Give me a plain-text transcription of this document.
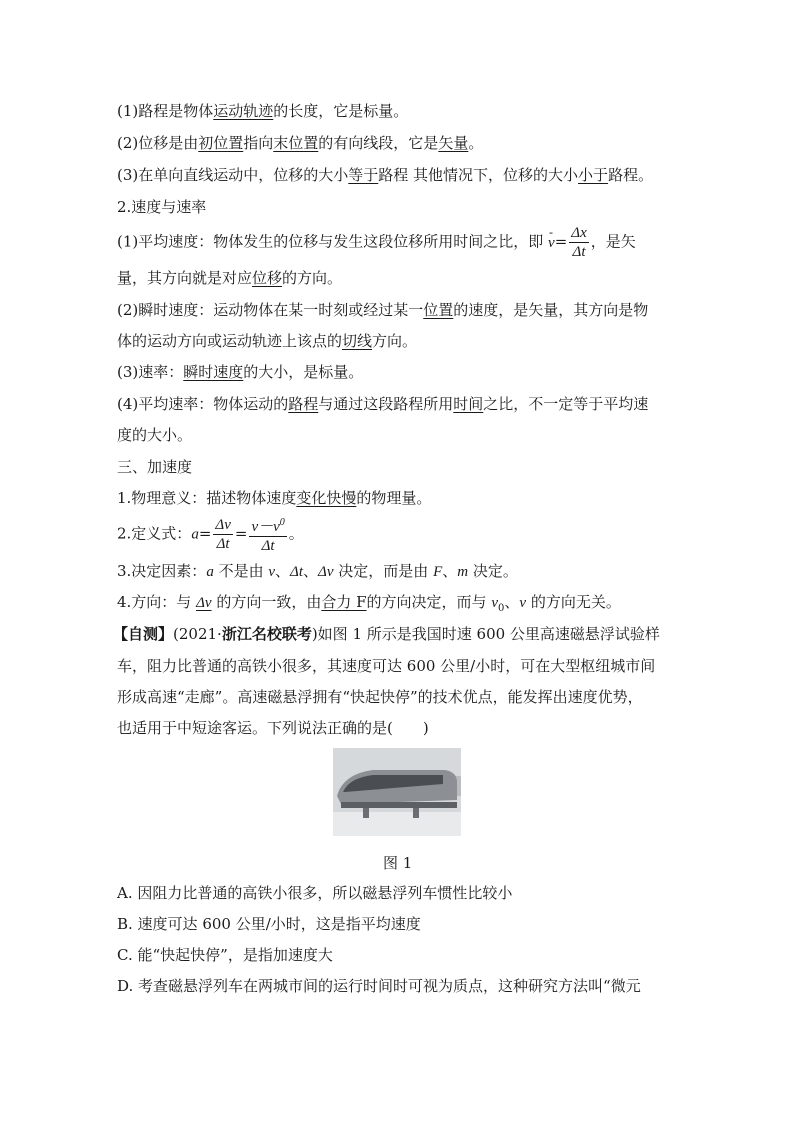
(1)路程是物体运动轨迹的长度，它是标量。
(2)位移是由初位置指向末位置的有向线段，它是矢量。
(3)在单向直线运动中，位移的大小等于路程 其他情况下，位移的大小小于路程。
2.速度与速率
(1)平均速度：物体发生的位移与发生这段位移所用时间之比，即 - $v= \frac{\Delta x}{\Delta t}$ ，是矢
量，其方向就是对应位移的方向。
(2)瞬时速度：运动物体在某一时刻或经过某一位置的速度，是矢量，其方向是物
体的运动方向或运动轨迹上该点的切线方向。
(3)速率：瞬时速度的大小，是标量。
(4)平均速率：物体运动的路程与通过这段路程所用时间之比，不一定等于平均速
度的大小。
三、加速度
1.物理意义：描述物体速度变化快慢的物理量。
2.定义式：$a= \frac{\Delta v}{\Delta t} = \frac{v-v^0}{\Delta t}$ 。
3.决定因素：a 不是由 v、Δt、Δv 决定，而是由 F、m 决定。
4.方向：与 Δv 的方向一致，由合力 F的方向决定，而与 $v_0$、v 的方向无关。
【自测】(2021·浙江名校联考)如图 1 所示是我国时速 600 公里高速磁悬浮试验样
车，阻力比普通的高铁小很多，其速度可达 600 公里/小时，可在大型枢纽城市间
形成高速“走廊”。高速磁悬浮拥有“快起快停”的技术优点，能发挥出速度优势，
也适用于中短途客运。下列说法正确的是(　　)
图 1
A. 因阻力比普通的高铁小很多，所以磁悬浮列车惯性比较小
B. 速度可达 600 公里/小时，这是指平均速度
C. 能“快起快停”，是指加速度大
D. 考查磁悬浮列车在两城市间的运行时间时可视为质点，这种研究方法叫“微元
